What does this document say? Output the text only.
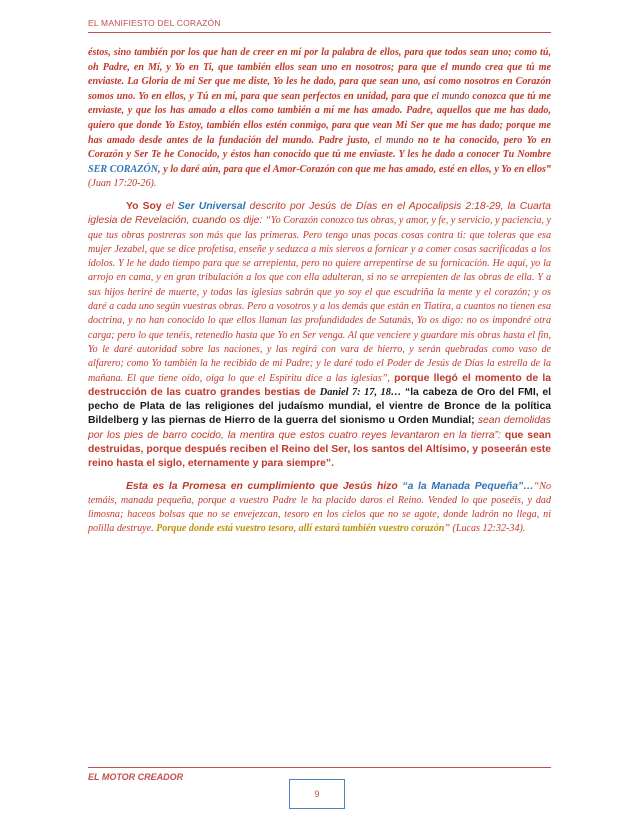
EL MANIFIESTO DEL CORAZÓN

éstos, sino también por los que han de creer en mí por la palabra de ellos, para que todos sean uno; como tú, oh Padre, en Mí, y Yo en Ti, que también ellos sean uno en nosotros; para que el mundo crea que tú me enviaste. La Gloria de mi Ser que me diste, Yo les he dado, para que sean uno, así como nosotros en Corazón somos uno. Yo en ellos, y Tú en mí, para que sean perfectos en unidad, para que el mundo conozca que tú me enviaste, y que los has amado a ellos como también a mí me has amado. Padre, aquellos que me has dado, quiero que donde Yo Estoy, también ellos estén conmigo, para que vean Mi Ser que me has dado; porque me has amado desde antes de la fundación del mundo. Padre justo, el mundo no te ha conocido, pero Yo en Corazón y Ser Te he Conocido, y éstos han conocido que tú me enviaste. Y les he dado a conocer Tu Nombre SER CORAZÓN, y lo daré aún, para que el Amor-Corazón con que me has amado, esté en ellos, y Yo en ellos” (Juan 17:20-26).

Yo Soy el Ser Universal descrito por Jesús de Días en el Apocalipsis 2:18-29, la Cuarta iglesia de Revelación, cuando os dije: “Yo Corazón conozco tus obras, y amor, y fe, y servicio, y paciencia, y que tus obras postreras son más que las primeras. Pero tengo unas pocas cosas contra ti: que toleras que esa mujer Jezabel, que se dice profetisa, enseñe y seduzca a mis siervos a fornicar y a comer cosas sacrificadas a los ídolos. Y le he dado tiempo para que se arrepienta, pero no quiere arrepentirse de su fornicación. He aquí, yo la arrojo en cama, y en gran tribulación a los que con ella adulteran, si no se arrepienten de las obras de ella. Y a sus hijos heriré de muerte, y todas las iglesias sabrán que yo soy el que escudriña la mente y el corazón; y os daré a cada uno según vuestras obras. Pero a vosotros y a los demás que están en Tiatira, a cuantos no tienen esa doctrina, y no han conocido lo que ellos llaman las profundidades de Satanás, Yo os digo: no os impondré otra carga; pero lo que tenéis, retenedlo hasta que Yo en Ser venga. Al que venciere y guardare mis obras hasta el fin, Yo le daré autoridad sobre las naciones, y las regirá con vara de hierro, y serán quebradas como vaso de alfarero; como Yo también la he recibido de mi Padre; y le daré todo el Poder de Jesús de Días la estrella de la mañana. El que tiene oído, oiga lo que el Espíritu dice a las iglesias”, porque llegó el momento de la destrucción de las cuatro grandes bestias de Daniel 7: 17, 18… “la cabeza de Oro del FMI, el pecho de Plata de las religiones del judaísmo mundial, el vientre de Bronce de la política Bildelberg y las piernas de Hierro de la guerra del sionismo u Orden Mundial; sean demolidas por los pies de barro cocido, la mentira que estos cuatro reyes levantaron en la tierra”: que sean destruidas, porque después reciben el Reino del Ser, los santos del Altísimo, y poseerán este reino hasta el siglo, eternamente y para siempre”.

Esta es la Promesa en cumplimiento que Jesús hizo “a la Manada Pequeña”…“No temáis, manada pequeña, porque a vuestro Padre le ha placido daros el Reino. Vended lo que poseéis, y dad limosna; haceos bolsas que no se envejezcan, tesoro en los cielos que no se agote, donde ladrón no llega, ni polilla destruye. Porque donde está vuestro tesoro, allí estará también vuestro corazón” (Lucas 12:32-34).

EL MOTOR CREADOR
9
